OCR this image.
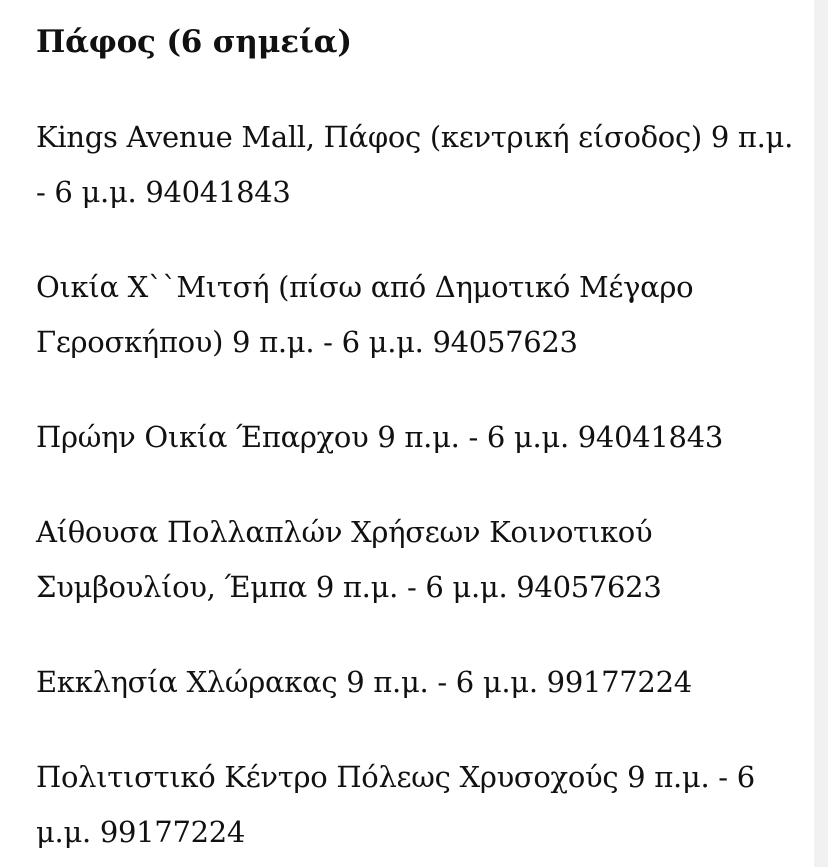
Πάφος (6 σημεία)

Kings Avenue Mall, Πάφος (κεντρική είσοδος) 9 π.μ. - 6 μ.μ. 94041843

Οικία Χ``Μιτσή (πίσω από Δημοτικό Μέγαρο Γεροσκήπου) 9 π.μ. - 6 μ.μ. 94057623

Πρώην Οικία Έπαρχου 9 π.μ. - 6 μ.μ. 94041843

Αίθουσα Πολλαπλών Χρήσεων Κοινοτικού Συμβουλίου, Έμπα 9 π.μ. - 6 μ.μ. 94057623

Εκκλησία Χλώρακας 9 π.μ. - 6 μ.μ. 99177224

Πολιτιστικό Κέντρο Πόλεως Χρυσοχούς 9 π.μ. - 6 μ.μ. 99177224
